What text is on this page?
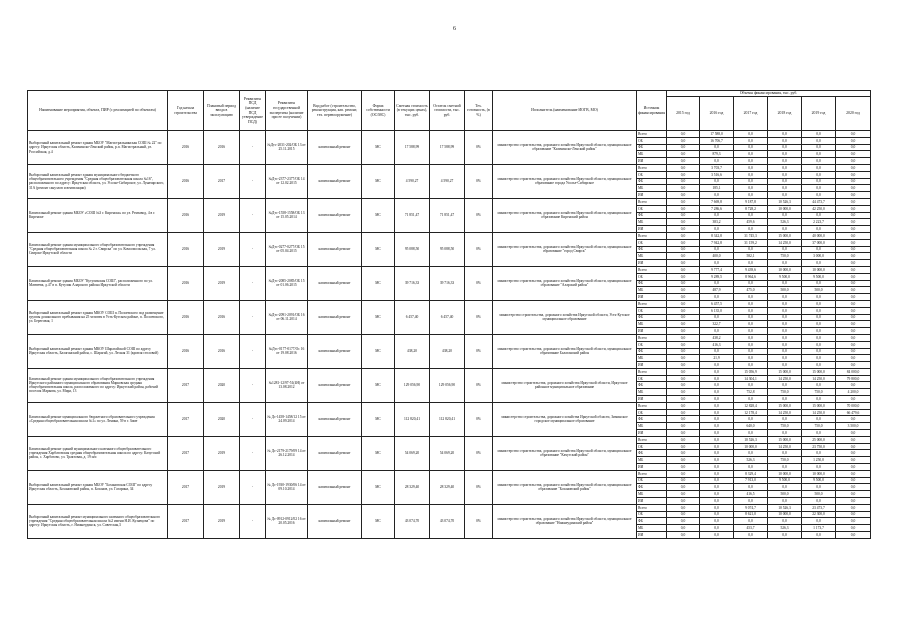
6
Наименование мероприятия, объекта, ПИР (с реализацией по объектам)	Год начала строительства	Плановый период ввода в эксплуатацию	Реквизиты ПСД (наличие ПСД утверждение ПСД)	Реквизиты государственной экспертизы (наличие при ее получении)	Вид работ (строительство, реконструкция, кап. ремонт, тех. перевооружение)	Форма собственности (ОС/МС)	Сметная стоимость (в текущих ценах), тыс. руб.	Остаток сметной стоимости, тыс. руб.	Тех. готовность, (в %)	Исполнитель (наименование ИОГВ, МО)	Источник финансирования	Объемы финансирования, тыс. руб.					
												2015 год	2016 год	2017 год	2018 год	2019 год	2020 год
Выборочный капитальный ремонт здания МБОУ "Магистральнинская СОШ № 22" по адресу: Иркутская область, Казачинско-Ленский район, р.п. Магистральный, ул. Российская, д.4	2016	2016	-	№Дтс-2031-202/ОБ 13 от 25.11.2015	капитальный ремонт	МС	17 588,99	17 588,99	0%	министерство строительства, дорожного хозяйства Иркутской области, муниципальное образование "Казачинско-Ленский район"	Всего	0,0	17 588,0	0,0	0,0	0,0	0,0
											ОБ	0,0	16 706,7	0,0	0,0	0,0	0,0
											ФБ	0,0	0,0	0,0	0,0	0,0	0,0
											МБ	0,0	879,3	0,0	0,0	0,0	0,0
											ИИ	0,0	0,0	0,0	0,0	0,0	0,0
Выборочный капитальный ремонт здания муниципального бюджетного общеобразовательного учреждения "Средняя общеобразовательная школа №16", расположенного по адресу: Иркутская область, ул. Усолье-Сибирское, ул. Луначарского, 31А (ремонт санузлов и вентиляции)	2016	2017	-	№Дтс-2377-2377/ОБ 14 от 12.02.2015	капитальный ремонт	МС	4 590,27	4 590,27	0%	министерство строительства, дорожного хозяйства Иркутской области, муниципальное образование города Усолье-Сибирское	Всего	0,0	3 703,7	0,0	0,0	0,0	0,0
											ОБ	0,0	3 516,6	0,0	0,0	0,0	0,0
											ФБ	0,0	0,0	0,0	0,0	0,0	0,0
											МБ	0,0	185,1	0,0	0,0	0,0	0,0
											ИИ	0,0	0,0	0,0	0,0	0,0	0,0
Капитальный ремонт здания МБОУ «СОШ №3 г. Киренска» по ул. Ремзавод, 4 в г. Киренске	2016	2019	-	№Дтс-1558-1558/ОБ 13 от 15.05.2014	капитальный ремонт	МС	71 851,47	71 851,47	0%	министерство строительства, дорожного хозяйства Иркутской области, муниципальное образование Киренский район	Всего	0,0	7 669,8	9 187,8	10 526,3	44 473,7	0,0
											ОБ	0,0	7 286,6	8 728,2	10 000,0	42 250,0	0,0
											ФБ	0,0	0,0	0,0	0,0	0,0	0,0
											МБ	0,0	383,2	459,6	526,3	2 223,7	0,0
											ИИ	0,0	0,0	0,0	0,0	0,0	0,0
Капитальный ремонт здания муниципального общеобразовательного учреждения "Средняя общеобразовательная школа № 2 г. Свирска" по ул. Комсомольская, 7 ул. Свирске Иркутской области	2016	2019	-	№Дтс-0277-0277/ОБ 15 от 05.04.2015	капитальный ремонт	МС	95 088,50	95 088,50	0%	министерство строительства, дорожного хозяйства Иркутской области, муниципальное образование "город Свирск"	Всего	0,0	8 342,8	31 745,3	15 000,0	40 000,0	0,0
											ОБ	0,0	7 942,8	31 159,2	14 250,0	37 000,0	0,0
											ФБ	0,0	0,0	0,0	0,0	0,0	0,0
											МБ	0,0	400,0	582,1	750,0	3 000,0	0,0
											ИИ	0,0	0,0	0,0	0,0	0,0	0,0
Капитальный ремонт здания МБОУ "Кутуликская СОШ", расположенного по ул. Матвеева, д.47 в п. Кутулик Аларского района Иркутской области	2016	2019	-	№Дтс-2085-2085/ОБ 15 от 01.06.2015	капитальный ремонт	МС	39 716,33	39 716,33	0%	министерство строительства, дорожного хозяйства Иркутской области, муниципальное образование "Аларский район"	Всего	0,0	9 777,4	9 439,6	10 000,0	10 000,0	0,0
											ОБ	0,0	9 289,5	8 964,6	9 500,0	9 500,0	0,0
											ФБ	0,0	0,0	0,0	0,0	0,0	0,0
											МБ	0,0	487,9	475,0	500,0	500,0	0,0
											ИИ	0,0	0,0	0,0	0,0	0,0	0,0
Выборочный капитальный ремонт здания МКОУ СОШ п. Полоевского под размещение группы дошкольного пребывания на 25 человек в Усть-Кутском районе, п. Полоевского, ул. Береговая, 1	2016	2016	-	№Дтс-2091-2091/ОБ 16 от 06.11.2014	капитальный ремонт	МС	6 457,40	6 457,40	0%	министерство строительства, дорожного хозяйства Иркутской области, Усть-Кутское муниципальное образование	Всего	0,0	6 457,5	0,0	0,0	0,0	0,0
											ОБ	0,0	6 135,0	0,0	0,0	0,0	0,0
											ФБ	0,0	0,0	0,0	0,0	0,0	0,0
											МБ	0,0	322,7	0,0	0,0	0,0	0,0
											ИИ	0,0	0,0	0,0	0,0	0,0	0,0
Выборочный капитальный ремонт здания МКОУ Шарагайской СОШ по адресу Иркутская область, Балаганский район, с. Шарагай, ул. Лесная 31 (кровля столовой)	2016	2016	-	№Дтс-0177-0177/Ос 16 от 19.08.2016	капитальный ремонт	МС	438,20	438,20	0%	министерство строительства, дорожного хозяйства Иркутской области, муниципальное образование Балаганский район	Всего	0,0	438,2	0,0	0,0	0,0	0,0
											ОБ	0,0	416,3	0,0	0,0	0,0	0,0
											ФБ	0,0	0,0	0,0	0,0	0,0	0,0
											МБ	0,0	21,9	0,0	0,0	0,0	0,0
											ИИ	0,0	0,0	0,0	0,0	0,0	0,0
Капитальный ремонт здания муниципального общеобразовательного учреждения Иркутского районного муниципального образования Марковская средняя общеобразовательная школа, расположенного по адресу: Иркутский район, рабочий поселок Маркова, ул. Мира, 13	2017	2020	-	№1281-12/97-51(4Н) от 13.08.2012	капитальный ремонт	МС	129 056,90	129 056,90	0%	министерство строительства, дорожного хозяйства Иркутской области, Иркутское районное муниципальное образование	Всего	0,0	0,0	15 056,9	15 000,0	15 000,0	84 000,0
											ОБ	0,0	0,0	14 304,1	14 250,0	14 250,0	79 800,0
											ФБ	0,0	0,0	0,0	0,0	0,0	0,0
											МБ	0,0	0,0	752,8	750,0	750,0	4 200,0
											ИИ	0,0	0,0	0,0	0,0	0,0	0,0
Капитальный ремонт муниципального бюджетного образовательного учреждения «Средняя общеобразовательная школа №1» по ул. Ленина, 59 в г. Зиме	2017	2020	-	№ Дс-1458-1458/12 15 от 24.09.2014	капитальный ремонт	МС	112 820,41	112 820,41	0%	министерство строительства, дорожного хозяйства Иркутской области, Зиминское городское муниципальное образование	Всего	0,0	0,0	12 828,4	15 000,0	15 000,0	70 000,0
											ОБ	0,0	0,0	12 178,4	14 250,0	14 250,0	66 479,6
											ФБ	0,0	0,0	0,0	0,0	0,0	0,0
											МБ	0,0	0,0	640,0	750,0	750,0	3 500,0
											ИИ	0,0	0,0	0,0	0,0	0,0	0,0
Капитальный ремонт зданий муниципального казенного общеобразовательного учреждения Харбатовская средняя общеобразовательная школа по адресу: Качугский район, с. Харбатово, ул. Трактовая, д. 19 и/и	2017	2019	-	№ Дс-2179-2179/09 14 от 26.12.2014	капитальный ремонт	МС	54 069,20	54 069,20	0%	министерство строительства, дорожного хозяйства Иркутской области, муниципальное образование "Качугский район"	Всего	0,0	0,0	10 526,3	15 000,0	25 000,0	0,0
											ОБ	0,0	0,0	10 000,0	14 250,0	23 750,0	0,0
											ФБ	0,0	0,0	0,0	0,0	0,0	0,0
											МБ	0,0	0,0	526,3	750,0	1 250,0	0,0
											ИИ	0,0	0,0	0,0	0,0	0,0	0,0
Выборочный капитальный ремонт здания МБОУ "Бохановская СОШ" по адресу Иркутская область, Бохановский район, п. Боханов, ул. Гагарина, 34	2017	2019	-	№ Дс-1930-1930/06 14 от 09.10.2014	капитальный ремонт	МС	28 329,40	28 329,40	0%	министерство строительства, дорожного хозяйства Иркутской области, муниципальное образование "Бохановский район"	Всего	0,0	0,0	8 329,4	10 000,0	10 000,0	0,0
											ОБ	0,0	0,0	7 913,0	9 500,0	9 500,0	0,0
											ФБ	0,0	0,0	0,0	0,0	0,0	0,0
											МБ	0,0	0,0	416,5	500,0	500,0	0,0
											ИИ	0,0	0,0	0,0	0,0	0,0	0,0
Выборочный капитальный ремонт муниципального казенного общеобразовательного учреждения "Средняя общеобразовательная школа №2 имени Н.И. Кузнецова" по адресу: Иркутская область, г. Нижнеудинск, ул. Советская,3	2017	2019	-	№ Дс-0912-0912/02 16 от 20.05.2016	капитальный ремонт	МС	43 074,70	43 074,70	0%	министерство строительства, дорожного хозяйства Иркутской области, муниципальное образование "Нижнеудинский район"	Всего	0,0	0,0	9 074,7	10 526,3	23 473,7	0,0
											ОБ	0,0	0,0	8 621,0	10 000,0	22 300,0	0,0
											ФБ	0,0	0,0	0,0	0,0	0,0	0,0
											МБ	0,0	0,0	453,7	526,3	1 173,7	0,0
											ИИ	0,0	0,0	0,0	0,0	0,0	0,0
